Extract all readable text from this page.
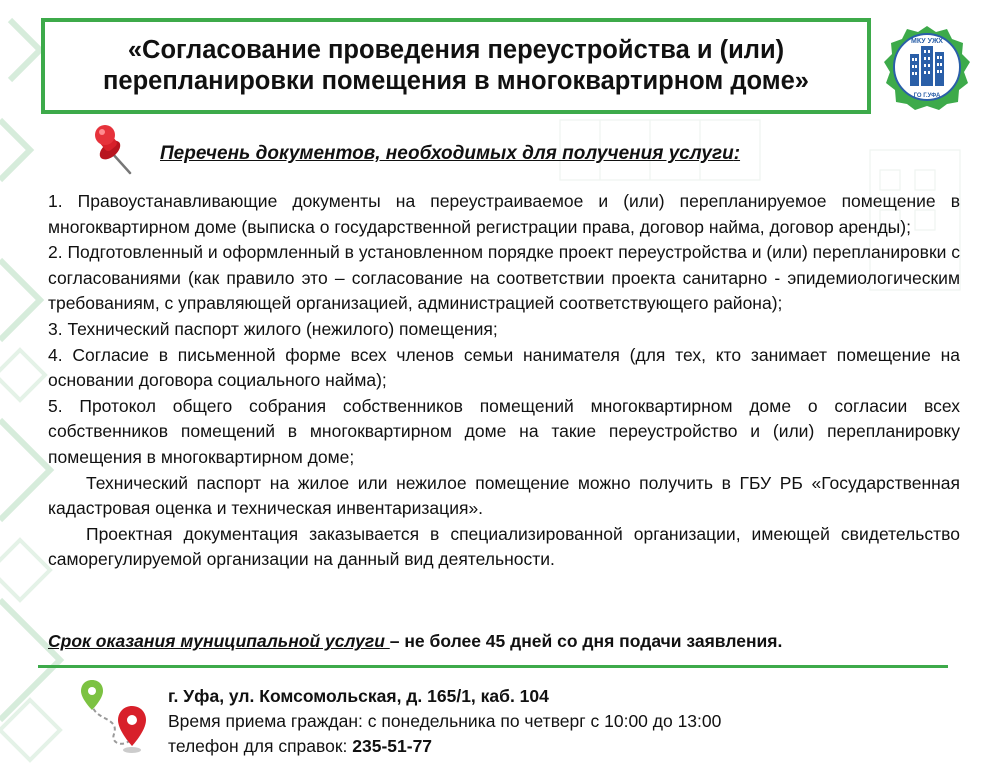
«Согласование проведения переустройства и (или)
перепланировки помещения в многоквартирном доме»
МКУ УЖХ
ГО Г.УФА
Перечень документов, необходимых для получения услуги:

1. Правоустанавливающие документы на переустраиваемое и (или) перепланируемое помещение в многоквартирном доме (выписка о государственной регистрации права, договор найма, договор аренды);

2. Подготовленный и оформленный в установленном порядке проект переустройства и (или) перепланировки с согласованиями (как правило это – согласование на соответствии проекта санитарно - эпидемиологическим требованиям, с управляющей организацией, администрацией соответствующего района);

3. Технический паспорт жилого (нежилого) помещения;

4. Согласие в письменной форме всех членов семьи нанимателя (для тех, кто занимает помещение на основании договора социального найма);

5. Протокол общего собрания собственников помещений многоквартирном доме о согласии всех собственников помещений в многоквартирном доме на такие переустройство и (или) перепланировку помещения в многоквартирном доме;

Технический паспорт на жилое или нежилое помещение можно получить в ГБУ РБ «Государственная кадастровая оценка и техническая инвентаризация».

Проектная документация заказывается в специализированной организации, имеющей свидетельство саморегулируемой организации на данный вид деятельности.

Срок оказания муниципальной услуги – не более 45 дней со дня подачи заявления.
г. Уфа, ул. Комсомольская, д. 165/1, каб. 104
Время приема граждан: с понедельника по четверг с 10:00 до 13:00
телефон для справок: 235-51-77
